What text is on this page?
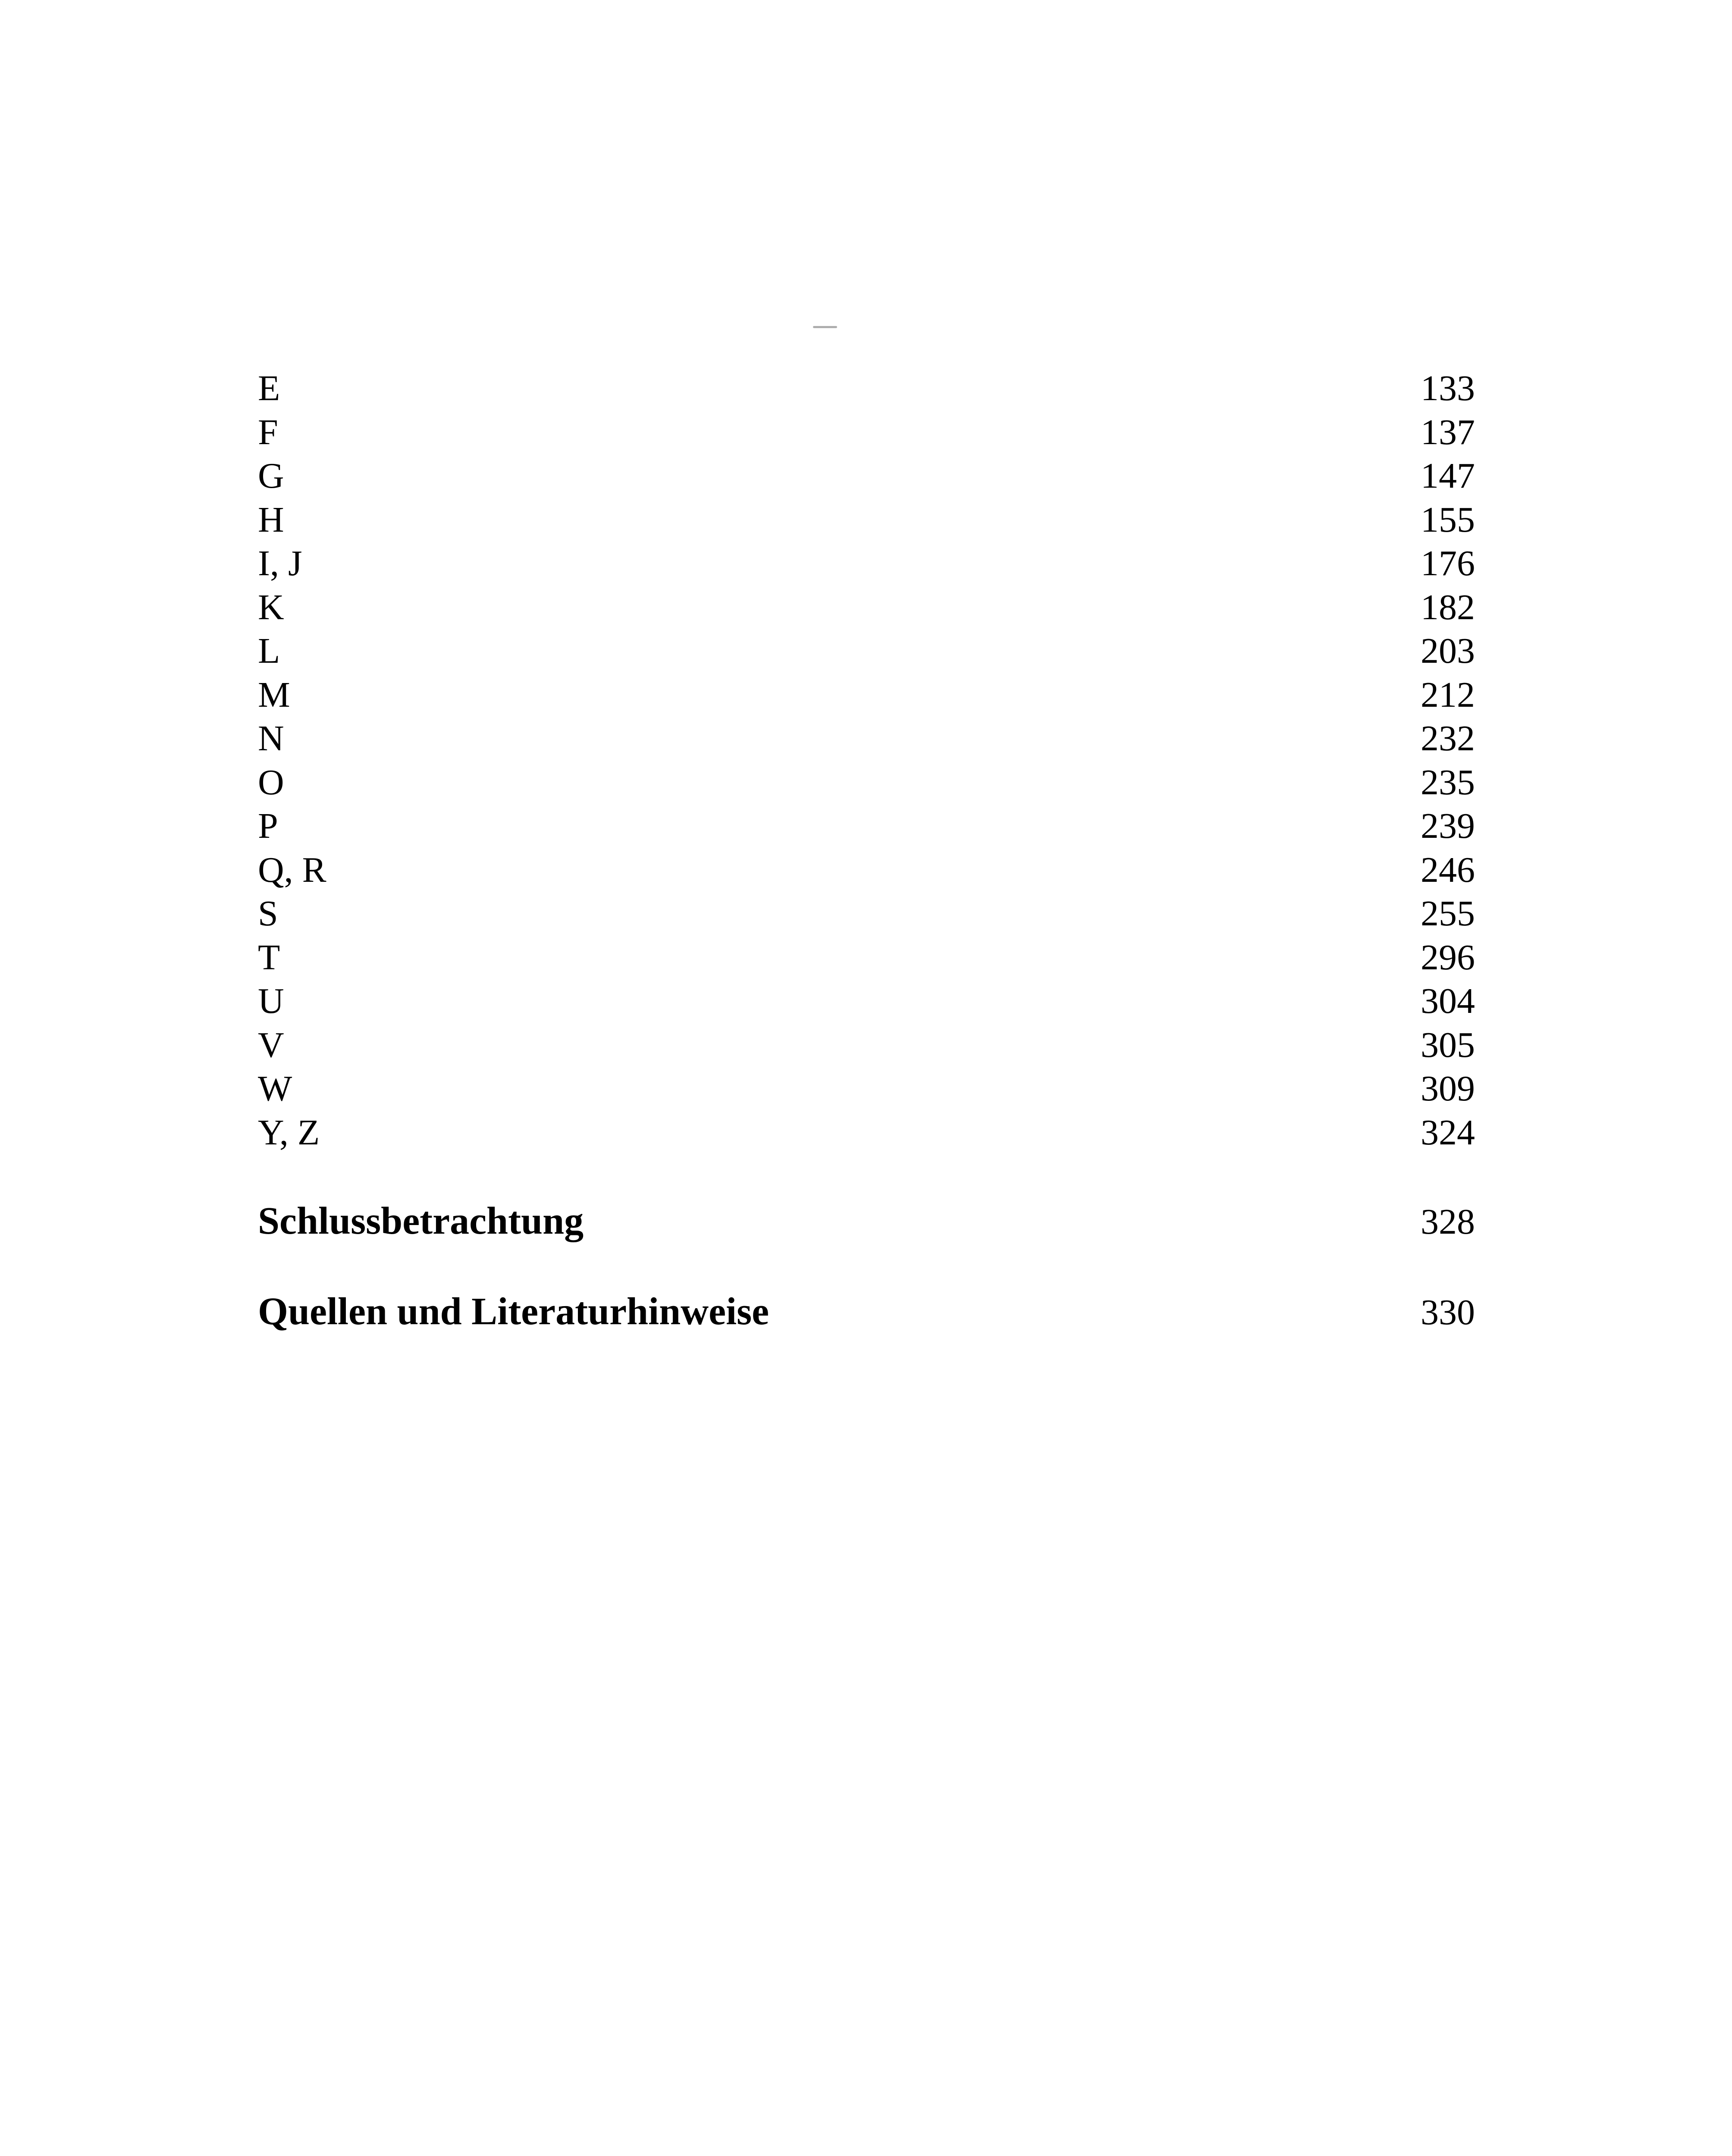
E	133
F	137
G	147
H	155
I, J	176
K	182
L	203
M	212
N	232
O	235
P	239
Q, R	246
S	255
T	296
U	304
V	305
W	309
Y, Z	324
Schlussbetrachtung	328
Quellen und Literaturhinweise	330
